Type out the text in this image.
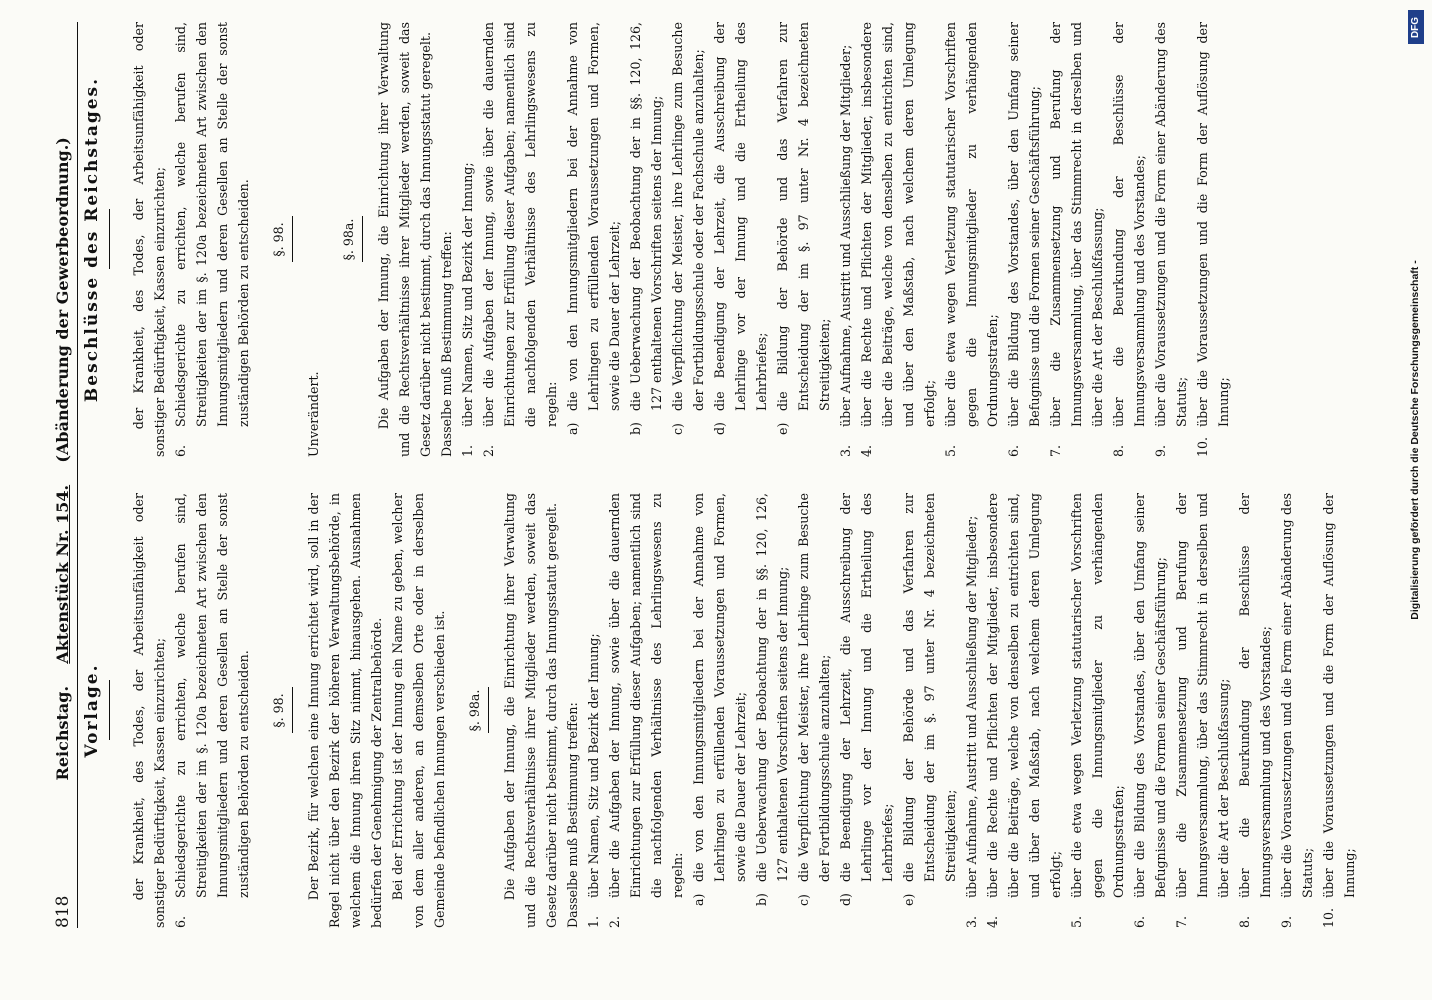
818
Reichstag.    Aktenstück Nr. 154.    (Abänderung der Gewerbeordnung.)
Vorlage.	der Krankheit, des Todes, der Arbeitsunfähigkeit oder sonstiger Bedürftigkeit, Kassen einzurichten; 6.
Schiedsgerichte zu errichten, welche berufen sind, Streitigkeiten der im §. 120a bezeichneten Art zwischen den Innungsmitgliedern und deren Gesellen an Stelle der sonst zuständigen Behörden zu entscheiden. §. 98.	Der Bezirk, für welchen eine Innung errichtet wird, soll in der Regel nicht über den Bezirk der höheren Verwaltungsbehörde, in welchem die Innung ihren Sitz nimmt, hinausgehen. Ausnahmen bedürfen der Genehmigung der Zentralbehörde. Bei der Errichtung ist der Innung ein Name zu geben, welcher von dem aller anderen, an demselben Orte oder in derselben Gemeinde befindlichen Innungen verschieden ist. §. 98a.	Die Aufgaben der Innung, die Einrichtung ihrer Verwaltung und die Rechtsverhältnisse ihrer Mitglieder werden, soweit das Gesetz darüber nicht bestimmt, durch das Innungsstatut geregelt. Dasselbe muß Bestimmung treffen: 1.
über Namen, Sitz und Bezirk der Innung;
2.
über die Aufgaben der Innung, sowie über die dauernden Einrichtungen zur Erfüllung dieser Aufgaben; namentlich sind die nachfolgenden Verhältnisse des Lehrlingswesens zu regeln:
a)
die von den Innungsmitgliedern bei der Annahme von Lehrlingen zu erfüllenden Voraussetzungen und Formen, sowie die Dauer der Lehrzeit;
b)
die Ueberwachung der Beobachtung der in §§. 120, 126, 127 enthaltenen Vorschriften seitens der Innung;
c)
die Verpflichtung der Meister, ihre Lehrlinge zum Besuche der Fortbildungsschule anzuhalten;
d)
die Beendigung der Lehrzeit, die Ausschreibung der Lehrlinge vor der Innung und die Ertheilung des Lehrbriefes;
e)
die Bildung der Behörde und das Verfahren zur Entscheidung der im §. 97 unter Nr. 4 bezeichneten Streitigkeiten;
3.
über Aufnahme, Austritt und Ausschließung der Mitglieder;
4.
über die Rechte und Pflichten der Mitglieder, insbesondere über die Beiträge, welche von denselben zu entrichten sind, und über den Maßstab, nach welchem deren Umlegung erfolgt;
5.
über die etwa wegen Verletzung statutarischer Vorschriften gegen die Innungsmitglieder zu verhängenden Ordnungsstrafen;
6.
über die Bildung des Vorstandes, über den Umfang seiner Befugnisse und die Formen seiner Geschäftsführung;
7.
über die Zusammensetzung und Berufung der Innungsversammlung, über das Stimmrecht in derselben und über die Art der Beschlußfassung;
8.
über die Beurkundung der Beschlüsse der Innungsversammlung und des Vorstandes;
9.
über die Voraussetzungen und die Form einer Abänderung des Statuts;
10.
über die Voraussetzungen und die Form der Auflösung der Innung;
Beschlüsse des Reichstages.	der Krankheit, des Todes, der Arbeitsunfähigkeit oder sonstiger Bedürftigkeit, Kassen einzurichten; 6.
Schiedsgerichte zu errichten, welche berufen sind, Streitigkeiten der im §. 120a bezeichneten Art zwischen den Innungsmitgliedern und deren Gesellen an Stelle der sonst zuständigen Behörden zu entscheiden. §. 98.

Unverändert.

§. 98a.	Die Aufgaben der Innung, die Einrichtung ihrer Verwaltung und die Rechtsverhältnisse ihrer Mitglieder werden, soweit das Gesetz darüber nicht bestimmt, durch das Innungsstatut geregelt. Dasselbe muß Bestimmung treffen: 1.
über Namen, Sitz und Bezirk der Innung;
2.
über die Aufgaben der Innung, sowie über die dauernden Einrichtungen zur Erfüllung dieser Aufgaben; namentlich sind die nachfolgenden Verhältnisse des Lehrlingswesens zu regeln:
a)
die von den Innungsmitgliedern bei der Annahme von Lehrlingen zu erfüllenden Voraussetzungen und Formen, sowie die Dauer der Lehrzeit;
b)
die Ueberwachung der Beobachtung der in §§. 120, 126, 127 enthaltenen Vorschriften seitens der Innung;
c)
die Verpflichtung der Meister, ihre Lehrlinge zum Besuche der Fortbildungsschule oder der Fachschule anzuhalten;
d)
die Beendigung der Lehrzeit, die Ausschreibung der Lehrlinge vor der Innung und die Ertheilung des Lehrbriefes;
e)
die Bildung der Behörde und das Verfahren zur Entscheidung der im §. 97 unter Nr. 4 bezeichneten Streitigkeiten;
3.
über Aufnahme, Austritt und Ausschließung der Mitglieder;
4.
über die Rechte und Pflichten der Mitglieder, insbesondere über die Beiträge, welche von denselben zu entrichten sind, und über den Maßstab, nach welchem deren Umlegung erfolgt;
5.
über die etwa wegen Verletzung statutarischer Vorschriften gegen die Innungsmitglieder zu verhängenden Ordnungsstrafen;
6.
über die Bildung des Vorstandes, über den Umfang seiner Befugnisse und die Formen seiner Geschäftsführung;
7.
über die Zusammensetzung und Berufung der Innungsversammlung, über das Stimmrecht in derselben und über die Art der Beschlußfassung;
8.
über die Beurkundung der Beschlüsse der Innungsversammlung und des Vorstandes;
9.
über die Voraussetzungen und die Form einer Abänderung des Statuts;
10.
über die Voraussetzungen und die Form der Auflösung der Innung;
DFG
Digitalisierung gefördert durch die Deutsche Forschungsgemeinschaft -
